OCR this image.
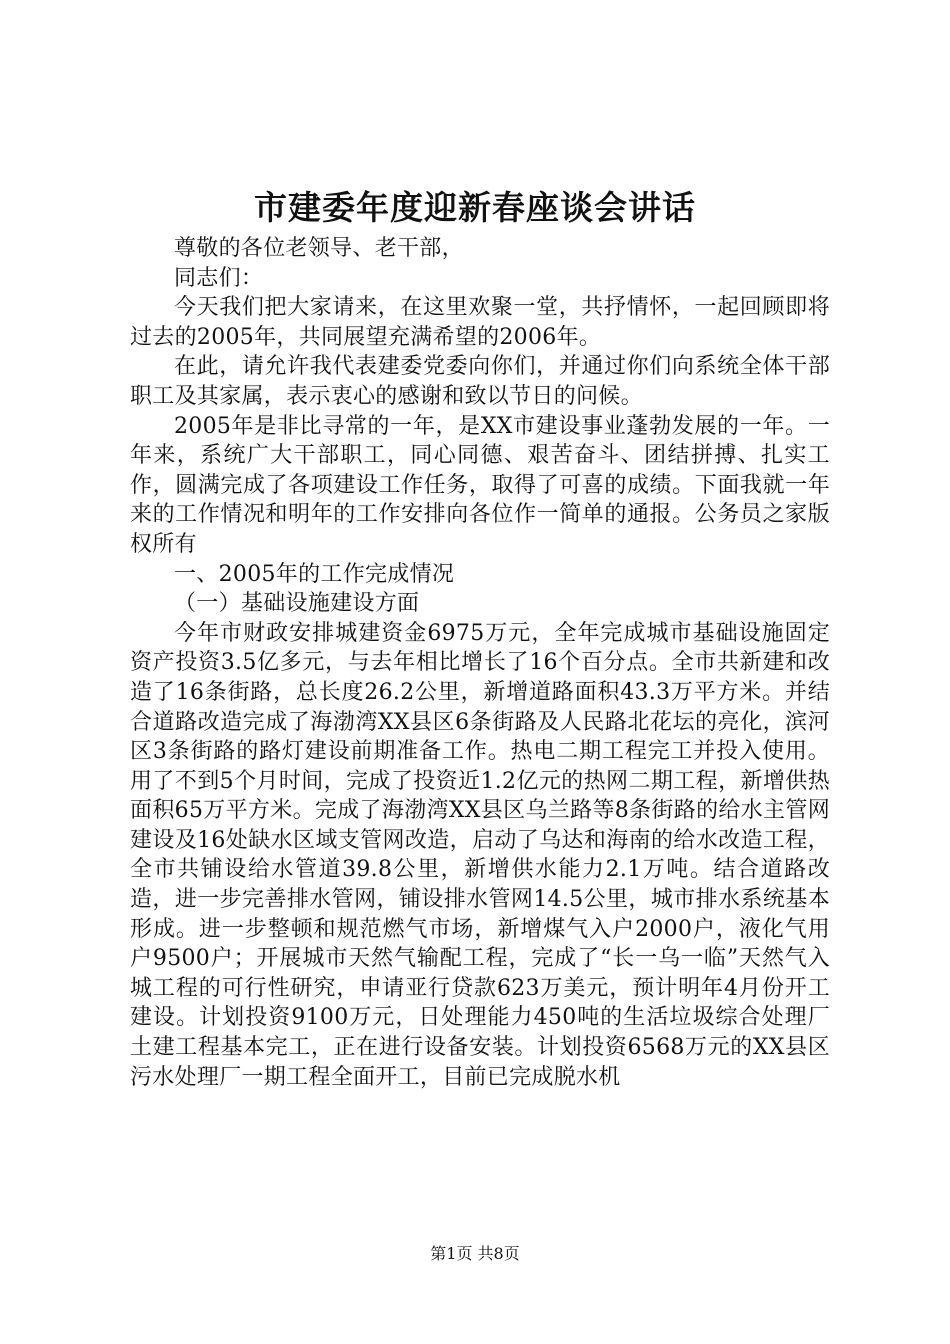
市建委年度迎新春座谈会讲话

尊敬的各位老领导、老干部，

同志们：

今天我们把大家请来，在这里欢聚一堂，共抒情怀，一起回顾即将过去的2005年，共同展望充满希望的2006年。

在此，请允许我代表建委党委向你们，并通过你们向系统全体干部职工及其家属，表示衷心的感谢和致以节日的问候。

2005年是非比寻常的一年，是XX市建设事业蓬勃发展的一年。一年来，系统广大干部职工，同心同德、艰苦奋斗、团结拼搏、扎实工作，圆满完成了各项建设工作任务，取得了可喜的成绩。下面我就一年来的工作情况和明年的工作安排向各位作一简单的通报。公务员之家版权所有

一、2005年的工作完成情况

（一）基础设施建设方面

今年市财政安排城建资金6975万元，全年完成城市基础设施固定资产投资3.5亿多元，与去年相比增长了16个百分点。全市共新建和改造了16条街路，总长度26.2公里，新增道路面积43.3万平方米。并结合道路改造完成了海渤湾XX县区6条街路及人民路北花坛的亮化，滨河区3条街路的路灯建设前期准备工作。热电二期工程完工并投入使用。用了不到5个月时间，完成了投资近1.2亿元的热网二期工程，新增供热面积65万平方米。完成了海渤湾XX县区乌兰路等8条街路的给水主管网建设及16处缺水区域支管网改造，启动了乌达和海南的给水改造工程，全市共铺设给水管道39.8公里，新增供水能力2.1万吨。结合道路改造，进一步完善排水管网，铺设排水管网14.5公里，城市排水系统基本形成。进一步整顿和规范燃气市场，新增煤气入户2000户，液化气用户9500户；开展城市天然气输配工程，完成了“长一乌一临”天然气入城工程的可行性研究，申请亚行贷款623万美元，预计明年4月份开工建设。计划投资9100万元，日处理能力450吨的生活垃圾综合处理厂土建工程基本完工，正在进行设备安装。计划投资6568万元的XX县区污水处理厂一期工程全面开工，目前已完成脱水机

第1页 共8页
